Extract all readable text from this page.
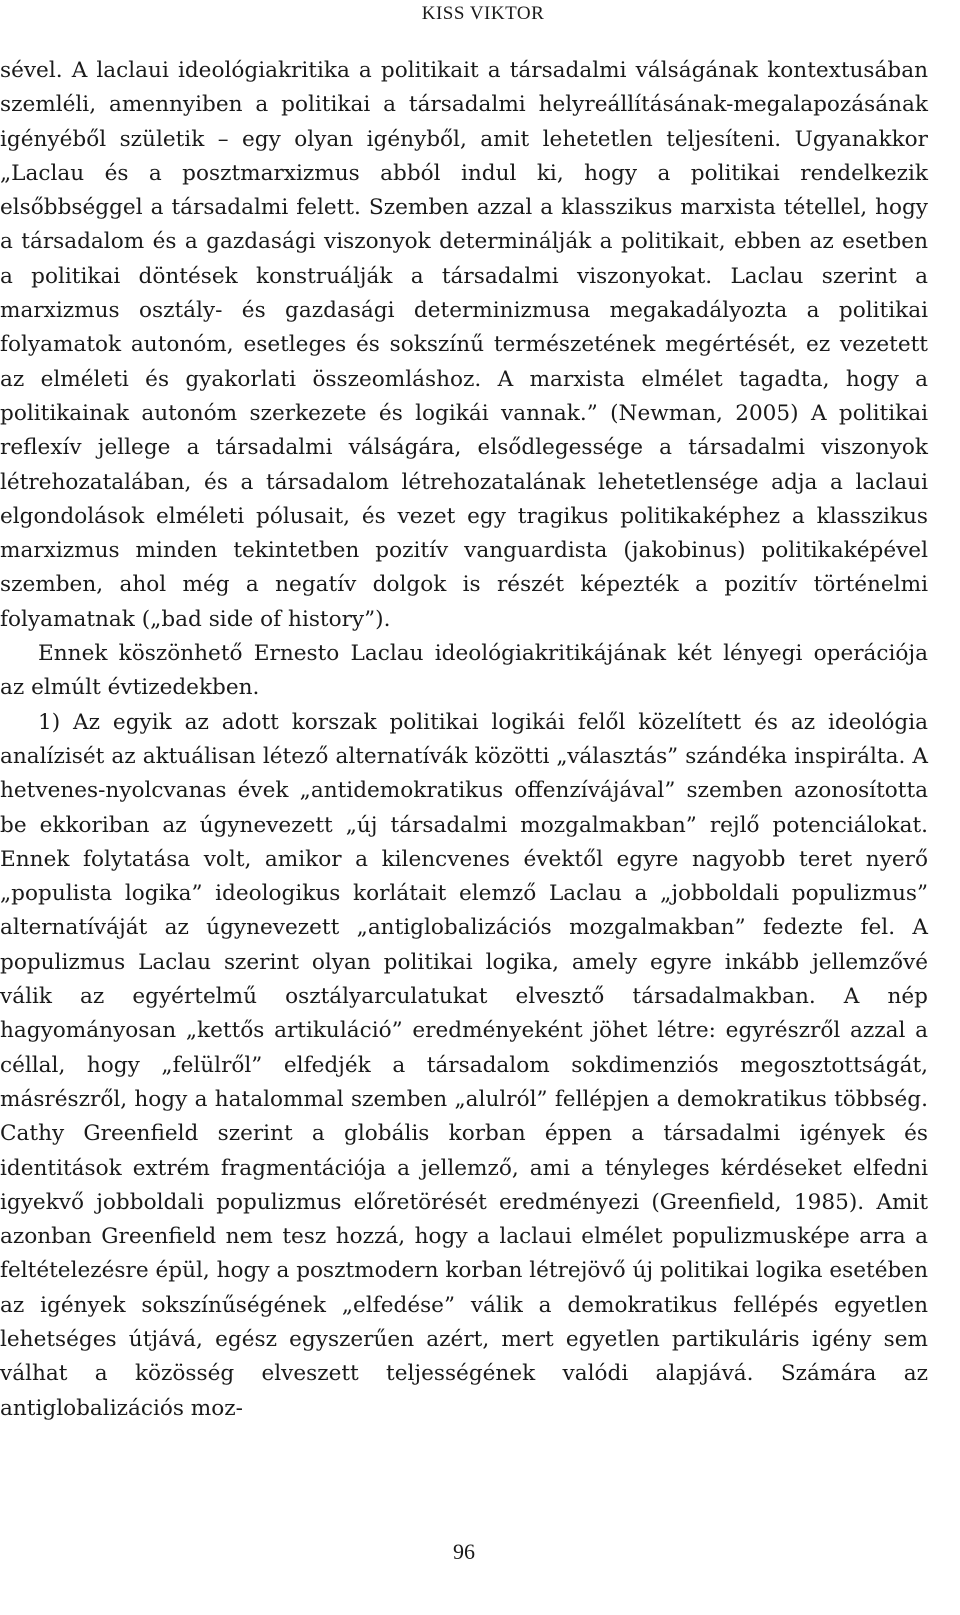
KISS VIKTOR

sével. A laclaui ideológiakritika a politikait a társadalmi válságának kontextusában szemléli, amennyiben a politikai a társadalmi helyreállításának-megalapozásának igényéből születik – egy olyan igényből, amit lehetetlen teljesíteni. Ugyanakkor „Laclau és a posztmarxizmus abból indul ki, hogy a politikai rendelkezik elsőbbséggel a társadalmi felett. Szemben azzal a klasszikus marxista tétellel, hogy a társadalom és a gazdasági viszonyok determinálják a politikait, ebben az esetben a politikai döntések konstruálják a társadalmi viszonyokat. Laclau szerint a marxizmus osztály- és gazdasági determinizmusa megakadályozta a politikai folyamatok autonóm, esetleges és sokszínű természetének megértését, ez vezetett az elméleti és gyakorlati összeomláshoz. A marxista elmélet tagadta, hogy a politikainak autonóm szerkezete és logikái vannak.” (Newman, 2005) A politikai reflexív jellege a társadalmi válságára, elsődlegessége a társadalmi viszonyok létrehozatalában, és a társadalom létrehozatalának lehetetlensége adja a laclaui elgondolások elméleti pólusait, és vezet egy tragikus politikaképhez a klasszikus marxizmus minden tekintetben pozitív vanguardista (jakobinus) politikaképével szemben, ahol még a negatív dolgok is részét képezték a pozitív történelmi folyamatnak („bad side of history”).

Ennek köszönhető Ernesto Laclau ideológiakritikájának két lényegi operációja az elmúlt évtizedekben.

1) Az egyik az adott korszak politikai logikái felől közelített és az ideológia analízisét az aktuálisan létező alternatívák közötti „választás” szándéka inspirálta. A hetvenes-nyolcvanas évek „antidemokratikus offenzívájával” szemben azonosította be ekkoriban az úgynevezett „új társadalmi mozgalmakban” rejlő potenciálokat. Ennek folytatása volt, amikor a kilencvenes évektől egyre nagyobb teret nyerő „populista logika” ideologikus korlátait elemző Laclau a „jobboldali populizmus” alternatíváját az úgynevezett „antiglobalizációs mozgalmakban” fedezte fel. A populizmus Laclau szerint olyan politikai logika, amely egyre inkább jellemzővé válik az egyértelmű osztályarculatukat elvesztő társadalmakban. A nép hagyományosan „kettős artikuláció” eredményeként jöhet létre: egyrészről azzal a céllal, hogy „felülről” elfedjék a társadalom sokdimenziós megosztottságát, másrészről, hogy a hatalommal szemben „alulról” fellépjen a demokratikus többség. Cathy Greenfield szerint a globális korban éppen a társadalmi igények és identitások extrém fragmentációja a jellemző, ami a tényleges kérdéseket elfedni igyekvő jobboldali populizmus előretörését eredményezi (Greenfield, 1985). Amit azonban Greenfield nem tesz hozzá, hogy a laclaui elmélet populizmusképe arra a feltételezésre épül, hogy a posztmodern korban létrejövő új politikai logika esetében az igények sokszínűségének „elfedése” válik a demokratikus fellépés egyetlen lehetséges útjává, egész egyszerűen azért, mert egyetlen partikuláris igény sem válhat a közösség elveszett teljességének valódi alapjává. Számára az antiglobalizációs moz-

96
